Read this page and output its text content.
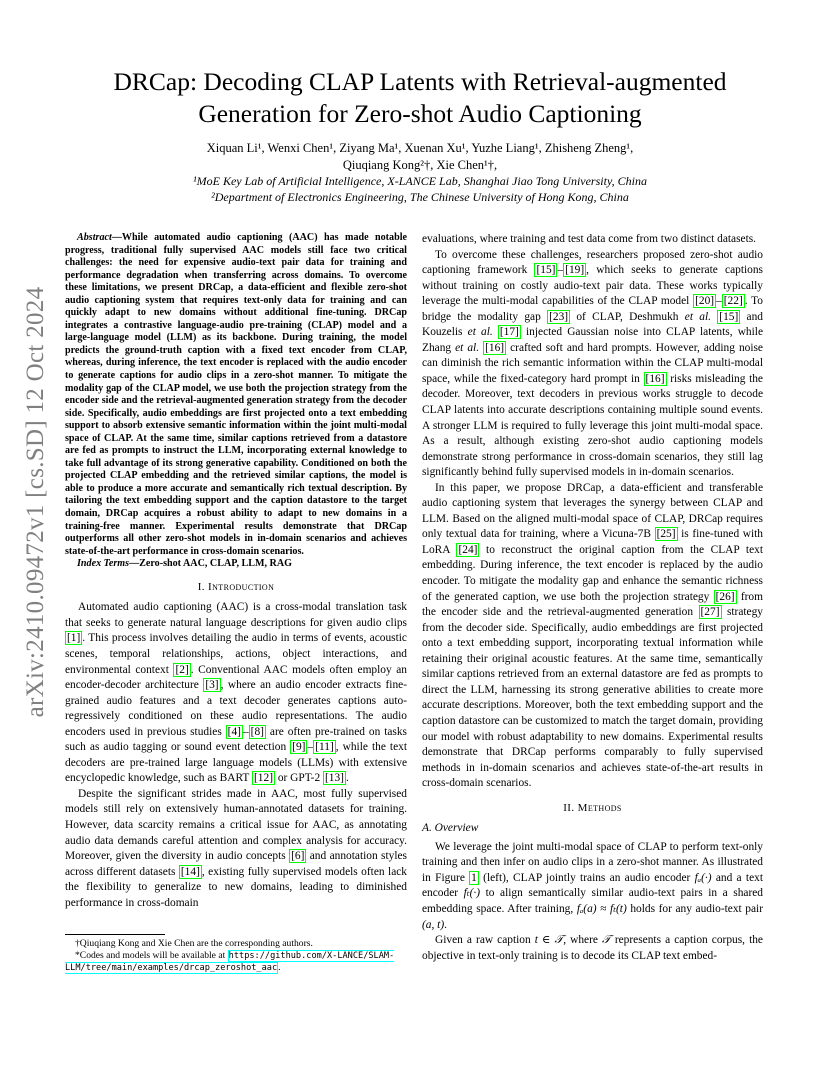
arXiv:2410.09472v1 [cs.SD] 12 Oct 2024
DRCap: Decoding CLAP Latents with Retrieval-augmented Generation for Zero-shot Audio Captioning
Xiquan Li¹, Wenxi Chen¹, Ziyang Ma¹, Xuenan Xu¹, Yuzhe Liang¹, Zhisheng Zheng¹,
Qiuqiang Kong²†, Xie Chen¹†,
¹MoE Key Lab of Artificial Intelligence, X-LANCE Lab, Shanghai Jiao Tong University, China
²Department of Electronics Engineering, The Chinese University of Hong Kong, China
Abstract—While automated audio captioning (AAC) has made notable progress, traditional fully supervised AAC models still face two critical challenges: the need for expensive audio-text pair data for training and performance degradation when transferring across domains. To overcome these limitations, we present DRCap, a data-efficient and flexible zero-shot audio captioning system that requires text-only data for training and can quickly adapt to new domains without additional fine-tuning. DRCap integrates a contrastive language-audio pre-training (CLAP) model and a large-language model (LLM) as its backbone. During training, the model predicts the ground-truth caption with a fixed text encoder from CLAP, whereas, during inference, the text encoder is replaced with the audio encoder to generate captions for audio clips in a zero-shot manner. To mitigate the modality gap of the CLAP model, we use both the projection strategy from the encoder side and the retrieval-augmented generation strategy from the decoder side. Specifically, audio embeddings are first projected onto a text embedding support to absorb extensive semantic information within the joint multi-modal space of CLAP. At the same time, similar captions retrieved from a datastore are fed as prompts to instruct the LLM, incorporating external knowledge to take full advantage of its strong generative capability. Conditioned on both the projected CLAP embedding and the retrieved similar captions, the model is able to produce a more accurate and semantically rich textual description. By tailoring the text embedding support and the caption datastore to the target domain, DRCap acquires a robust ability to adapt to new domains in a training-free manner. Experimental results demonstrate that DRCap outperforms all other zero-shot models in in-domain scenarios and achieves state-of-the-art performance in cross-domain scenarios.
Index Terms—Zero-shot AAC, CLAP, LLM, RAG
I. Introduction

Automated audio captioning (AAC) is a cross-modal translation task that seeks to generate natural language descriptions for given audio clips [1] . This process involves detailing the audio in terms of events, acoustic scenes, temporal relationships, actions, object interactions, and environmental context [2] . Conventional AAC models often employ an encoder-decoder architecture [3] , where an audio encoder extracts fine-grained audio features and a text decoder generates captions auto-regressively conditioned on these audio representations. The audio encoders used in previous studies [4] – [8] are often pre-trained on tasks such as audio tagging or sound event detection [9] – [11] , while the text decoders are pre-trained large language models (LLMs) with extensive encyclopedic knowledge, such as BART [12] or GPT-2 [13] .

Despite the significant strides made in AAC, most fully supervised models still rely on extensively human-annotated datasets for training. However, data scarcity remains a critical issue for AAC, as annotating audio data demands careful attention and complex analysis for accuracy. Moreover, given the diversity in audio concepts [6] and annotation styles across different datasets [14] , existing fully supervised models often lack the flexibility to generalize to new domains, leading to diminished performance in cross-domain

†Qiuqiang Kong and Xie Chen are the corresponding authors.

*Codes and models will be available at https://github.com/X-LANCE/SLAM-LLM/tree/main/examples/drcap_zeroshot_aac.

evaluations, where training and test data come from two distinct datasets.

To overcome these challenges, researchers proposed zero-shot audio captioning framework [15] – [19] , which seeks to generate captions without training on costly audio-text pair data. These works typically leverage the multi-modal capabilities of the CLAP model [20] – [22] . To bridge the modality gap [23] of CLAP, Deshmukh et al. [15] and Kouzelis et al. [17] injected Gaussian noise into CLAP latents, while Zhang et al. [16] crafted soft and hard prompts. However, adding noise can diminish the rich semantic information within the CLAP multi-modal space, while the fixed-category hard prompt in [16] risks misleading the decoder. Moreover, text decoders in previous works struggle to decode CLAP latents into accurate descriptions containing multiple sound events. A stronger LLM is required to fully leverage this joint multi-modal space. As a result, although existing zero-shot audio captioning models demonstrate strong performance in cross-domain scenarios, they still lag significantly behind fully supervised models in in-domain scenarios.

In this paper, we propose DRCap, a data-efficient and transferable audio captioning system that leverages the synergy between CLAP and LLM. Based on the aligned multi-modal space of CLAP, DRCap requires only textual data for training, where a Vicuna-7B [25] is fine-tuned with LoRA [24] to reconstruct the original caption from the CLAP text embedding. During inference, the text encoder is replaced by the audio encoder. To mitigate the modality gap and enhance the semantic richness of the generated caption, we use both the projection strategy [26] from the encoder side and the retrieval-augmented generation [27] strategy from the decoder side. Specifically, audio embeddings are first projected onto a text embedding support, incorporating textual information while retaining their original acoustic features. At the same time, semantically similar captions retrieved from an external datastore are fed as prompts to direct the LLM, harnessing its strong generative abilities to create more accurate descriptions. Moreover, both the text embedding support and the caption datastore can be customized to match the target domain, providing our model with robust adaptability to new domains. Experimental results demonstrate that DRCap performs comparably to fully supervised methods in in-domain scenarios and achieves state-of-the-art results in cross-domain scenarios.

II. Methods
A. Overview

We leverage the joint multi-modal space of CLAP to perform text-only training and then infer on audio clips in a zero-shot manner. As illustrated in Figure 1 (left), CLAP jointly trains an audio encoder fₐ(·) and a text encoder fₜ(·) to align semantically similar audio-text pairs in a shared embedding space. After training, fₐ(a) ≈ fₜ(t) holds for any audio-text pair (a, t).

Given a raw caption t ∈ 𝒯, where 𝒯 represents a caption corpus, the objective in text-only training is to decode its CLAP text embed-
